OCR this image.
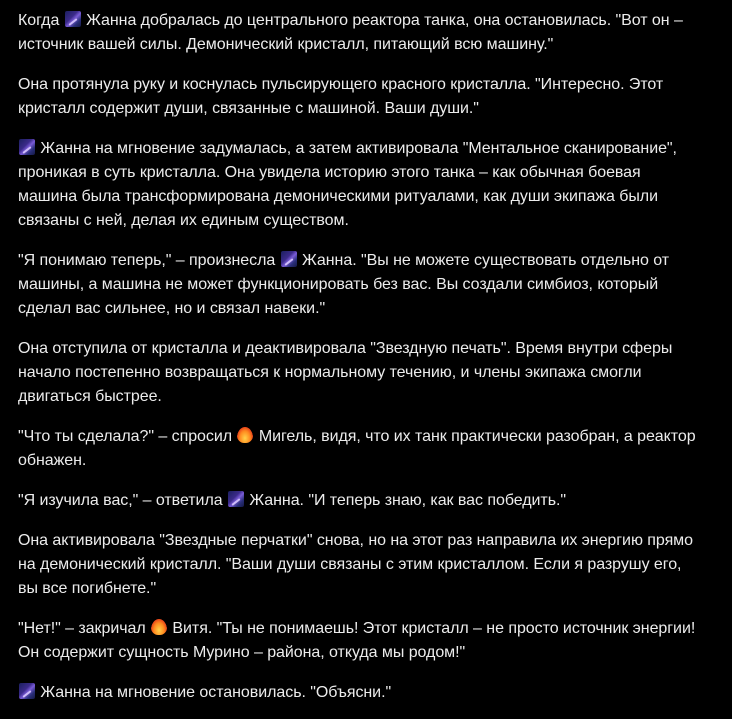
Когда  Жанна добралась до центрального реактора танка, она остановилась. "Вот он – источник вашей силы. Демонический кристалл, питающий всю машину."

Она протянула руку и коснулась пульсирующего красного кристалла. "Интересно. Этот кристалл содержит души, связанные с машиной. Ваши души."

Жанна на мгновение задумалась, а затем активировала "Ментальное сканирование", проникая в суть кристалла. Она увидела историю этого танка – как обычная боевая машина была трансформирована демоническими ритуалами, как души экипажа были связаны с ней, делая их единым существом.

"Я понимаю теперь," – произнесла  Жанна. "Вы не можете существовать отдельно от машины, а машина не может функционировать без вас. Вы создали симбиоз, который сделал вас сильнее, но и связал навеки."

Она отступила от кристалла и деактивировала "Звездную печать". Время внутри сферы начало постепенно возвращаться к нормальному течению, и члены экипажа смогли двигаться быстрее.

"Что ты сделала?" – спросил  Мигель, видя, что их танк практически разобран, а реактор обнажен.

"Я изучила вас," – ответила  Жанна. "И теперь знаю, как вас победить."

Она активировала "Звездные перчатки" снова, но на этот раз направила их энергию прямо на демонический кристалл. "Ваши души связаны с этим кристаллом. Если я разрушу его, вы все погибнете."

"Нет!" – закричал  Витя. "Ты не понимаешь! Этот кристалл – не просто источник энергии! Он содержит сущность Мурино – района, откуда мы родом!"

Жанна на мгновение остановилась. "Объясни."
